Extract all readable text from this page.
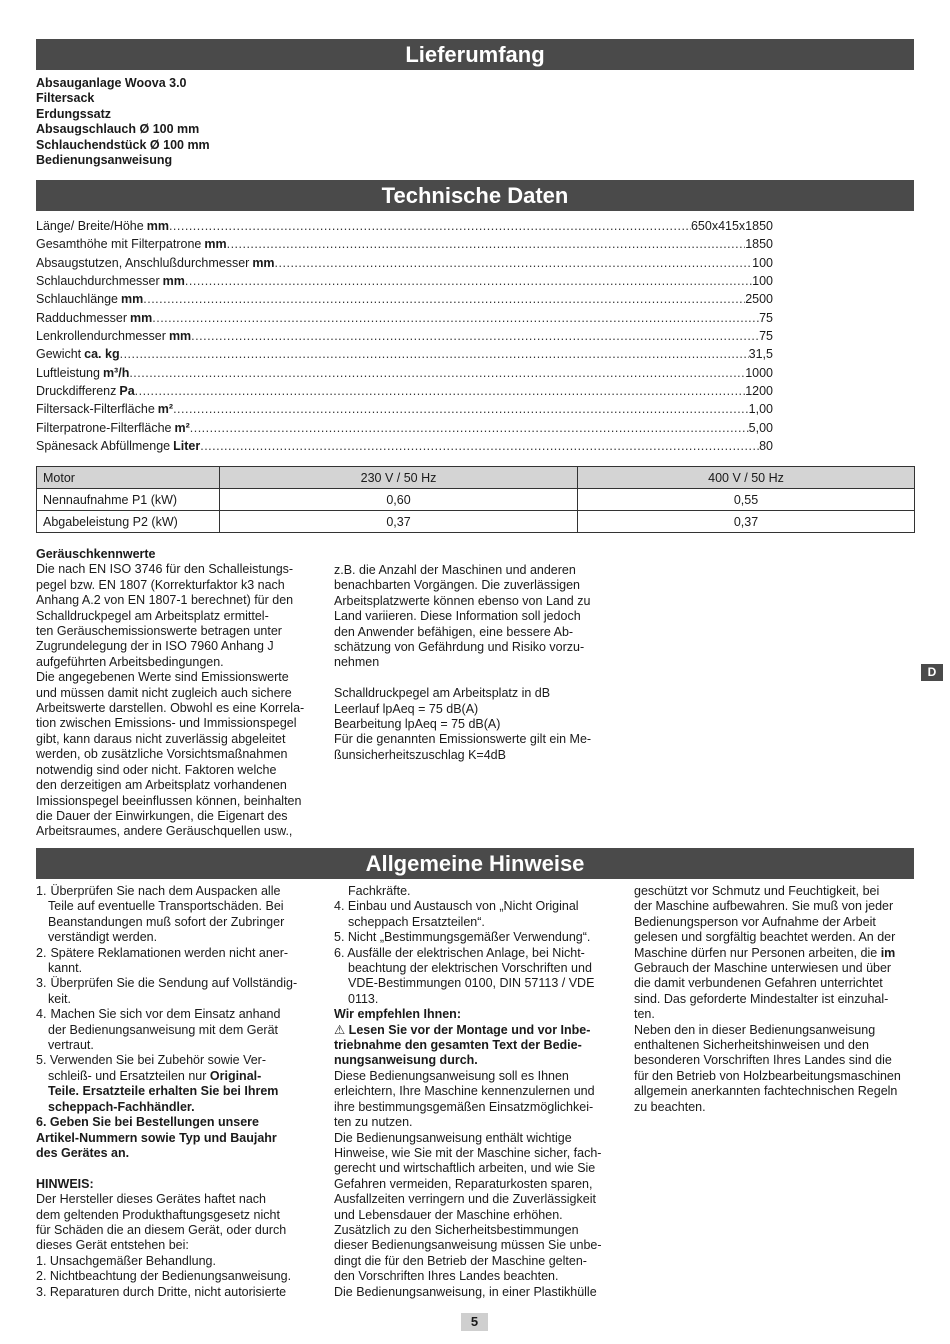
Lieferumfang
Absauganlage Woova 3.0
Filtersack
Erdungssatz
Absaugschlauch Ø 100 mm
Schlauchendstück Ø 100 mm
Bedienungsanweisung
Technische Daten
Länge/ Breite/Höhe mm .....	650x415x1850
Gesamthöhe mit Filterpatrone mm .....	1850
Absaugstutzen, Anschlußdurchmesser mm .....	100
Schlauchdurchmesser mm .....	100
Schlauchlänge mm .....	2500
Radduchmesser mm .....	75
Lenkrollendurchmesser mm .....	75
Gewicht ca. kg .....	31,5
Luftleistung m³/h .....	1000
Druckdifferenz Pa .....	1200
Filtersack-Filterfläche m² .....	1,00
Filterpatrone-Filterfläche m² .....	5,00
Spänesack Abfüllmenge Liter .....	80
Motor	230 V / 50 Hz	400 V / 50 Hz
Nennaufnahme P1 (kW)	0,60	0,55
Abgabeleistung P2 (kW)	0,37	0,37

Geräuschkennwerte

Die nach EN ISO 3746 für den Schalleistungs-
pegel bzw. EN 1807 (Korrekturfaktor k3 nach
Anhang A.2 von EN 1807-1 berechnet) für den
Schalldruckpegel am Arbeitsplatz ermittel-
ten Geräuschemissionswerte betragen unter
Zugrundelegung der in ISO 7960 Anhang J
aufgeführten Arbeitsbedingungen.
Die angegebenen Werte sind Emissionswerte
und müssen damit nicht zugleich auch sichere
Arbeitswerte darstellen. Obwohl es eine Korrela-
tion zwischen Emissions- und Immissionspegel
gibt, kann daraus nicht zuverlässig abgeleitet
werden, ob zusätzliche Vorsichtsmaßnahmen
notwendig sind oder nicht. Faktoren welche
den derzeitigen am Arbeitsplatz vorhandenen
Imissionspegel beeinflussen können, beinhalten
die Dauer der Einwirkungen, die Eigenart des
Arbeitsraumes, andere Geräuschquellen usw.,
z.B. die Anzahl der Maschinen und anderen
benachbarten Vorgängen. Die zuverlässigen
Arbeitsplatzwerte können ebenso von Land zu
Land variieren. Diese Information soll jedoch
den Anwender befähigen, eine bessere Ab-
schätzung von Gefährdung und Risiko vorzu-
nehmen
Schalldruckpegel am Arbeitsplatz in dB
Leerlauf lpAeq = 75 dB(A)
Bearbeitung lpAeq = 75 dB(A)
Für die genannten Emissionswerte gilt ein Me-
ßunsicherheitszuschlag K=4dB
D
Allgemeine Hinweise
1. Überprüfen Sie nach dem Auspacken alle
Teile auf eventuelle Transportschäden. Bei
Beanstandungen muß sofort der Zubringer
verständigt werden.
2. Spätere Reklamationen werden nicht aner-
kannt.
3. Überprüfen Sie die Sendung auf Vollständig-
keit.
4. Machen Sie sich vor dem Einsatz anhand
der Bedienungsanweisung mit dem Gerät
vertraut.
5. Verwenden Sie bei Zubehör sowie Ver-
schleiß- und Ersatzteilen nur Original-
Teile. Ersatzteile erhalten Sie bei Ihrem
scheppach-Fachhändler.
6. Geben Sie bei Bestellungen unsere
Artikel-Nummern sowie Typ und Baujahr
des Gerätes an.

HINWEIS:

Der Hersteller dieses Gerätes haftet nach
dem geltenden Produkthaftungsgesetz nicht
für Schäden die an diesem Gerät, oder durch
dieses Gerät entstehen bei:
1. Unsachgemäßer Behandlung.
2. Nichtbeachtung der Bedienungsanweisung.
3. Reparaturen durch Dritte, nicht autorisierte
Fachkräfte.
4. Einbau und Austausch von „Nicht Original
scheppach Ersatzteilen“.
5. Nicht „Bestimmungsgemäßer Verwendung“.
6. Ausfälle der elektrischen Anlage, bei Nicht-
beachtung der elektrischen Vorschriften und
VDE-Bestimmungen 0100, DIN 57113 / VDE
0113.

Wir empfehlen Ihnen:

⚠ Lesen Sie vor der Montage und vor Inbe-
triebnahme den gesamten Text der Bedie-
nungsanweisung durch.
Diese Bedienungsanweisung soll es Ihnen
erleichtern, Ihre Maschine kennenzulernen und
ihre bestimmungsgemäßen Einsatzmöglichkei-
ten zu nutzen.
Die Bedienungsanweisung enthält wichtige
Hinweise, wie Sie mit der Maschine sicher, fach-
gerecht und wirtschaftlich arbeiten, und wie Sie
Gefahren vermeiden, Reparaturkosten sparen,
Ausfallzeiten verringern und die Zuverlässigkeit
und Lebensdauer der Maschine erhöhen.
Zusätzlich zu den Sicherheitsbestimmungen
dieser Bedienungsanweisung müssen Sie unbe-
dingt die für den Betrieb der Maschine gelten-
den Vorschriften Ihres Landes beachten.
Die Bedienungsanweisung, in einer Plastikhülle
geschützt vor Schmutz und Feuchtigkeit, bei
der Maschine aufbewahren. Sie muß von jeder
Bedienungsperson vor Aufnahme der Arbeit
gelesen und sorgfältig beachtet werden. An der
Maschine dürfen nur Personen arbeiten, die im
Gebrauch der Maschine unterwiesen und über
die damit verbundenen Gefahren unterrichtet
sind. Das geforderte Mindestalter ist einzuhal-
ten.
Neben den in dieser Bedienungsanweisung
enthaltenen Sicherheitshinweisen und den
besonderen Vorschriften Ihres Landes sind die
für den Betrieb von Holzbearbeitungsmaschinen
allgemein anerkannten fachtechnischen Regeln
zu beachten.
5
